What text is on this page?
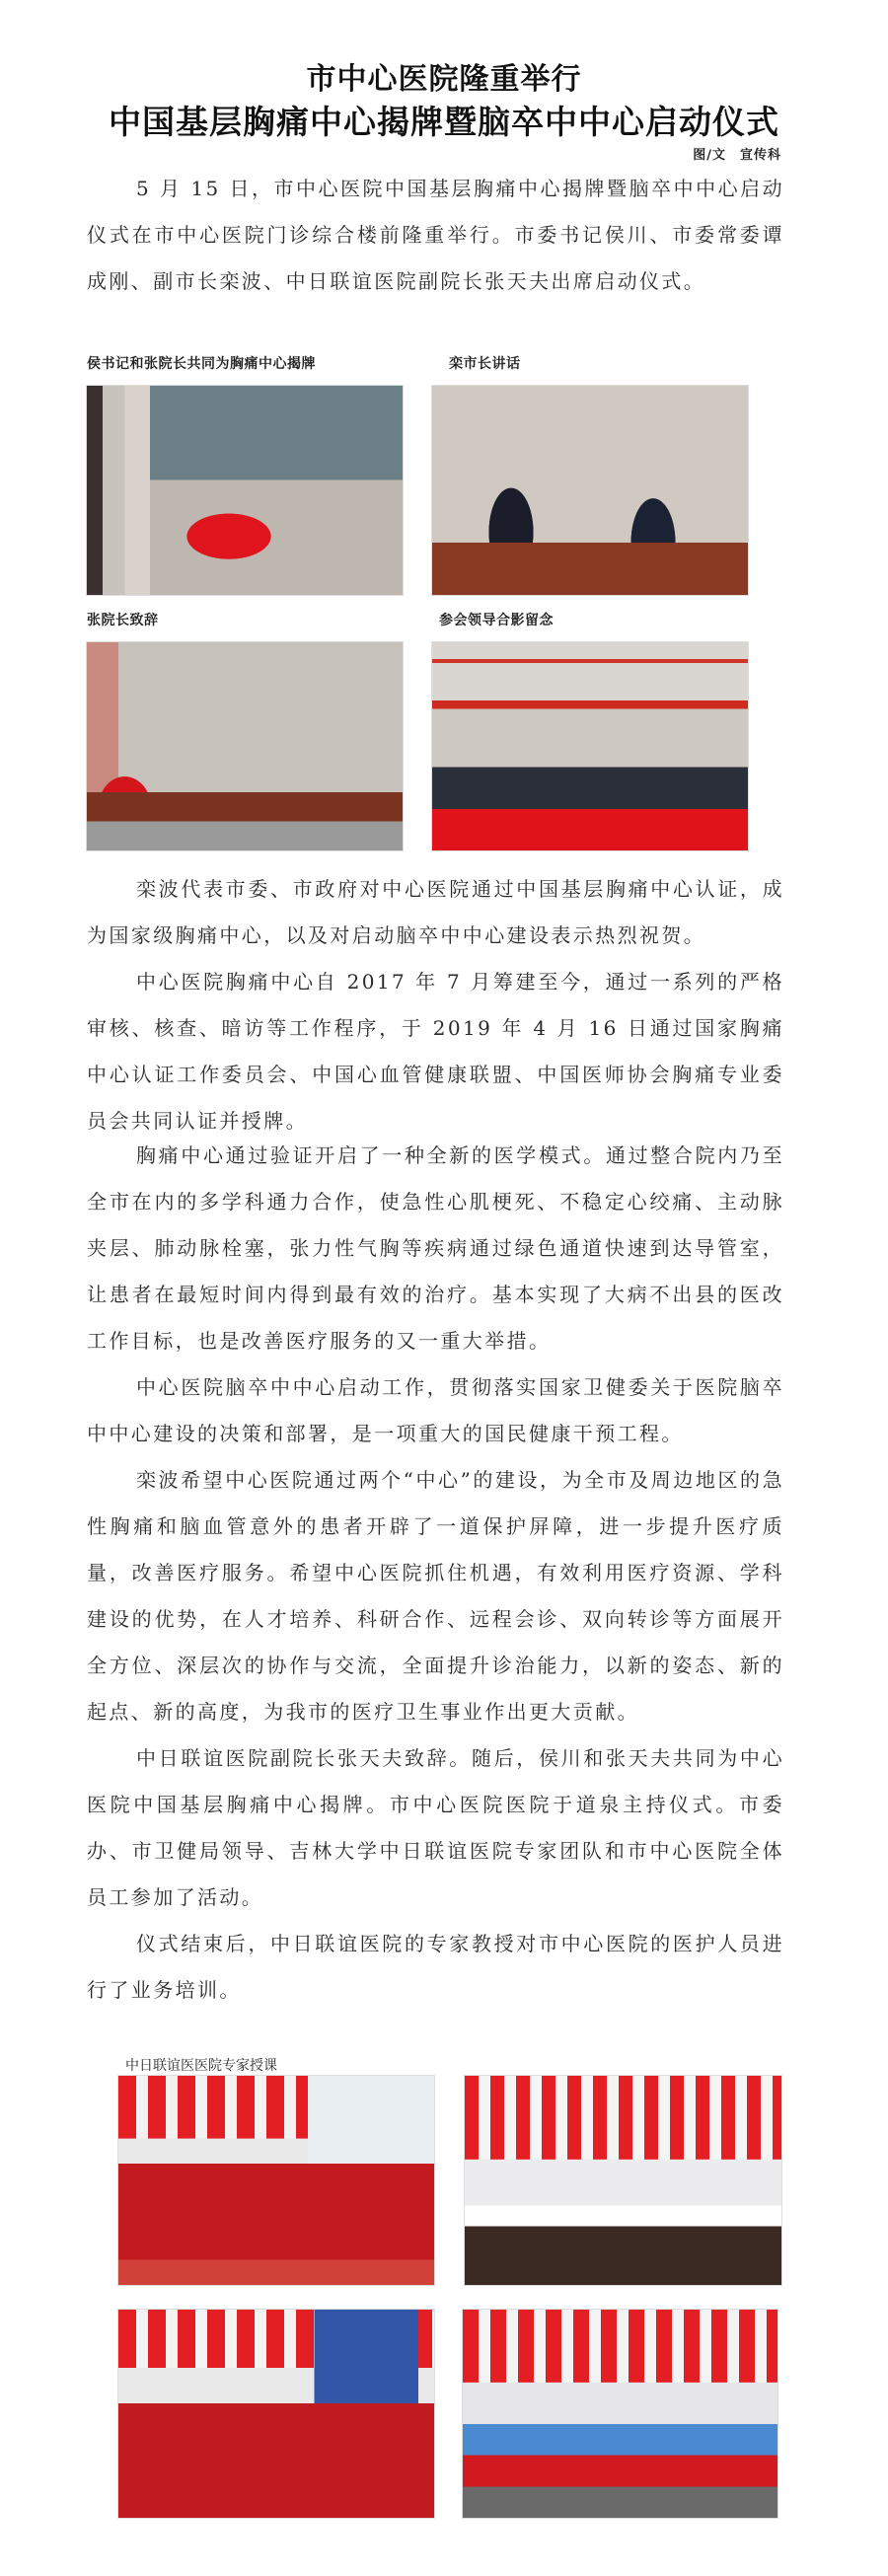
市中心医院隆重举行
中国基层胸痛中心揭牌暨脑卒中中心启动仪式
图/文 宣传科

5 月 15 日，市中心医院中国基层胸痛中心揭牌暨脑卒中中心启动仪式在市中心医院门诊综合楼前隆重举行。市委书记侯川、市委常委谭成刚、副市长栾波、中日联谊医院副院长张天夫出席启动仪式。

侯书记和张院长共同为胸痛中心揭牌	栾市长讲话
张院长致辞	参会领导合影留念

栾波代表市委、市政府对中心医院通过中国基层胸痛中心认证，成为国家级胸痛中心，以及对启动脑卒中中心建设表示热烈祝贺。

中心医院胸痛中心自 2017 年 7 月筹建至今，通过一系列的严格审核、核查、暗访等工作程序，于 2019 年 4 月 16 日通过国家胸痛中心认证工作委员会、中国心血管健康联盟、中国医师协会胸痛专业委员会共同认证并授牌。

胸痛中心通过验证开启了一种全新的医学模式。通过整合院内乃至全市在内的多学科通力合作，使急性心肌梗死、不稳定心绞痛、主动脉夹层、肺动脉栓塞，张力性气胸等疾病通过绿色通道快速到达导管室，让患者在最短时间内得到最有效的治疗。基本实现了大病不出县的医改工作目标，也是改善医疗服务的又一重大举措。

中心医院脑卒中中心启动工作，贯彻落实国家卫健委关于医院脑卒中中心建设的决策和部署，是一项重大的国民健康干预工程。

栾波希望中心医院通过两个“中心”的建设，为全市及周边地区的急性胸痛和脑血管意外的患者开辟了一道保护屏障，进一步提升医疗质量，改善医疗服务。希望中心医院抓住机遇，有效利用医疗资源、学科建设的优势，在人才培养、科研合作、远程会诊、双向转诊等方面展开全方位、深层次的协作与交流，全面提升诊治能力，以新的姿态、新的起点、新的高度，为我市的医疗卫生事业作出更大贡献。

中日联谊医院副院长张天夫致辞。随后，侯川和张天夫共同为中心医院中国基层胸痛中心揭牌。市中心医院医院于道泉主持仪式。市委办、市卫健局领导、吉林大学中日联谊医院专家团队和市中心医院全体员工参加了活动。

仪式结束后，中日联谊医院的专家教授对市中心医院的医护人员进行了业务培训。

中日联谊医医院专家授课
